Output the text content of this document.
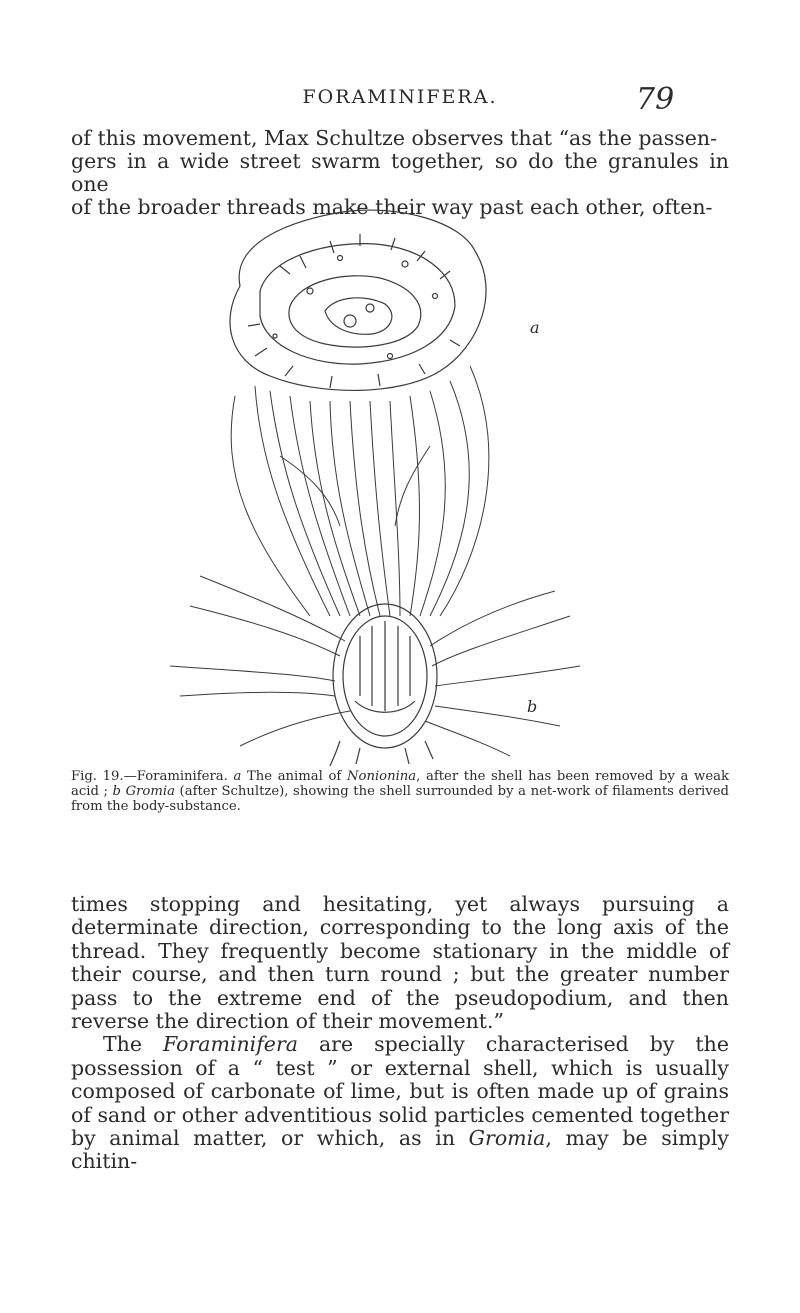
FORAMINIFERA.	79

of this movement, Max Schultze observes that “as the passen-

gers in a wide street swarm together, so do the granules in one

of the broader threads make their way past each other, often-

a
b
Fig. 19.—Foraminifera. a The animal of Nonionina, after the shell has been removed by a weak acid ; b Gromia (after Schultze), showing the shell surrounded by a net-work of filaments derived from the body-substance.

times stopping and hesitating, yet always pursuing a determinate direction, corresponding to the long axis of the thread. They frequently become stationary in the middle of their course, and then turn round ; but the greater number pass to the extreme end of the pseudopodium, and then reverse the direction of their movement.”

The Foraminifera are specially characterised by the possession of a “ test ” or external shell, which is usually composed of carbonate of lime, but is often made up of grains of sand or other adventitious solid particles cemented together by animal matter, or which, as in Gromia, may be simply chitin-
